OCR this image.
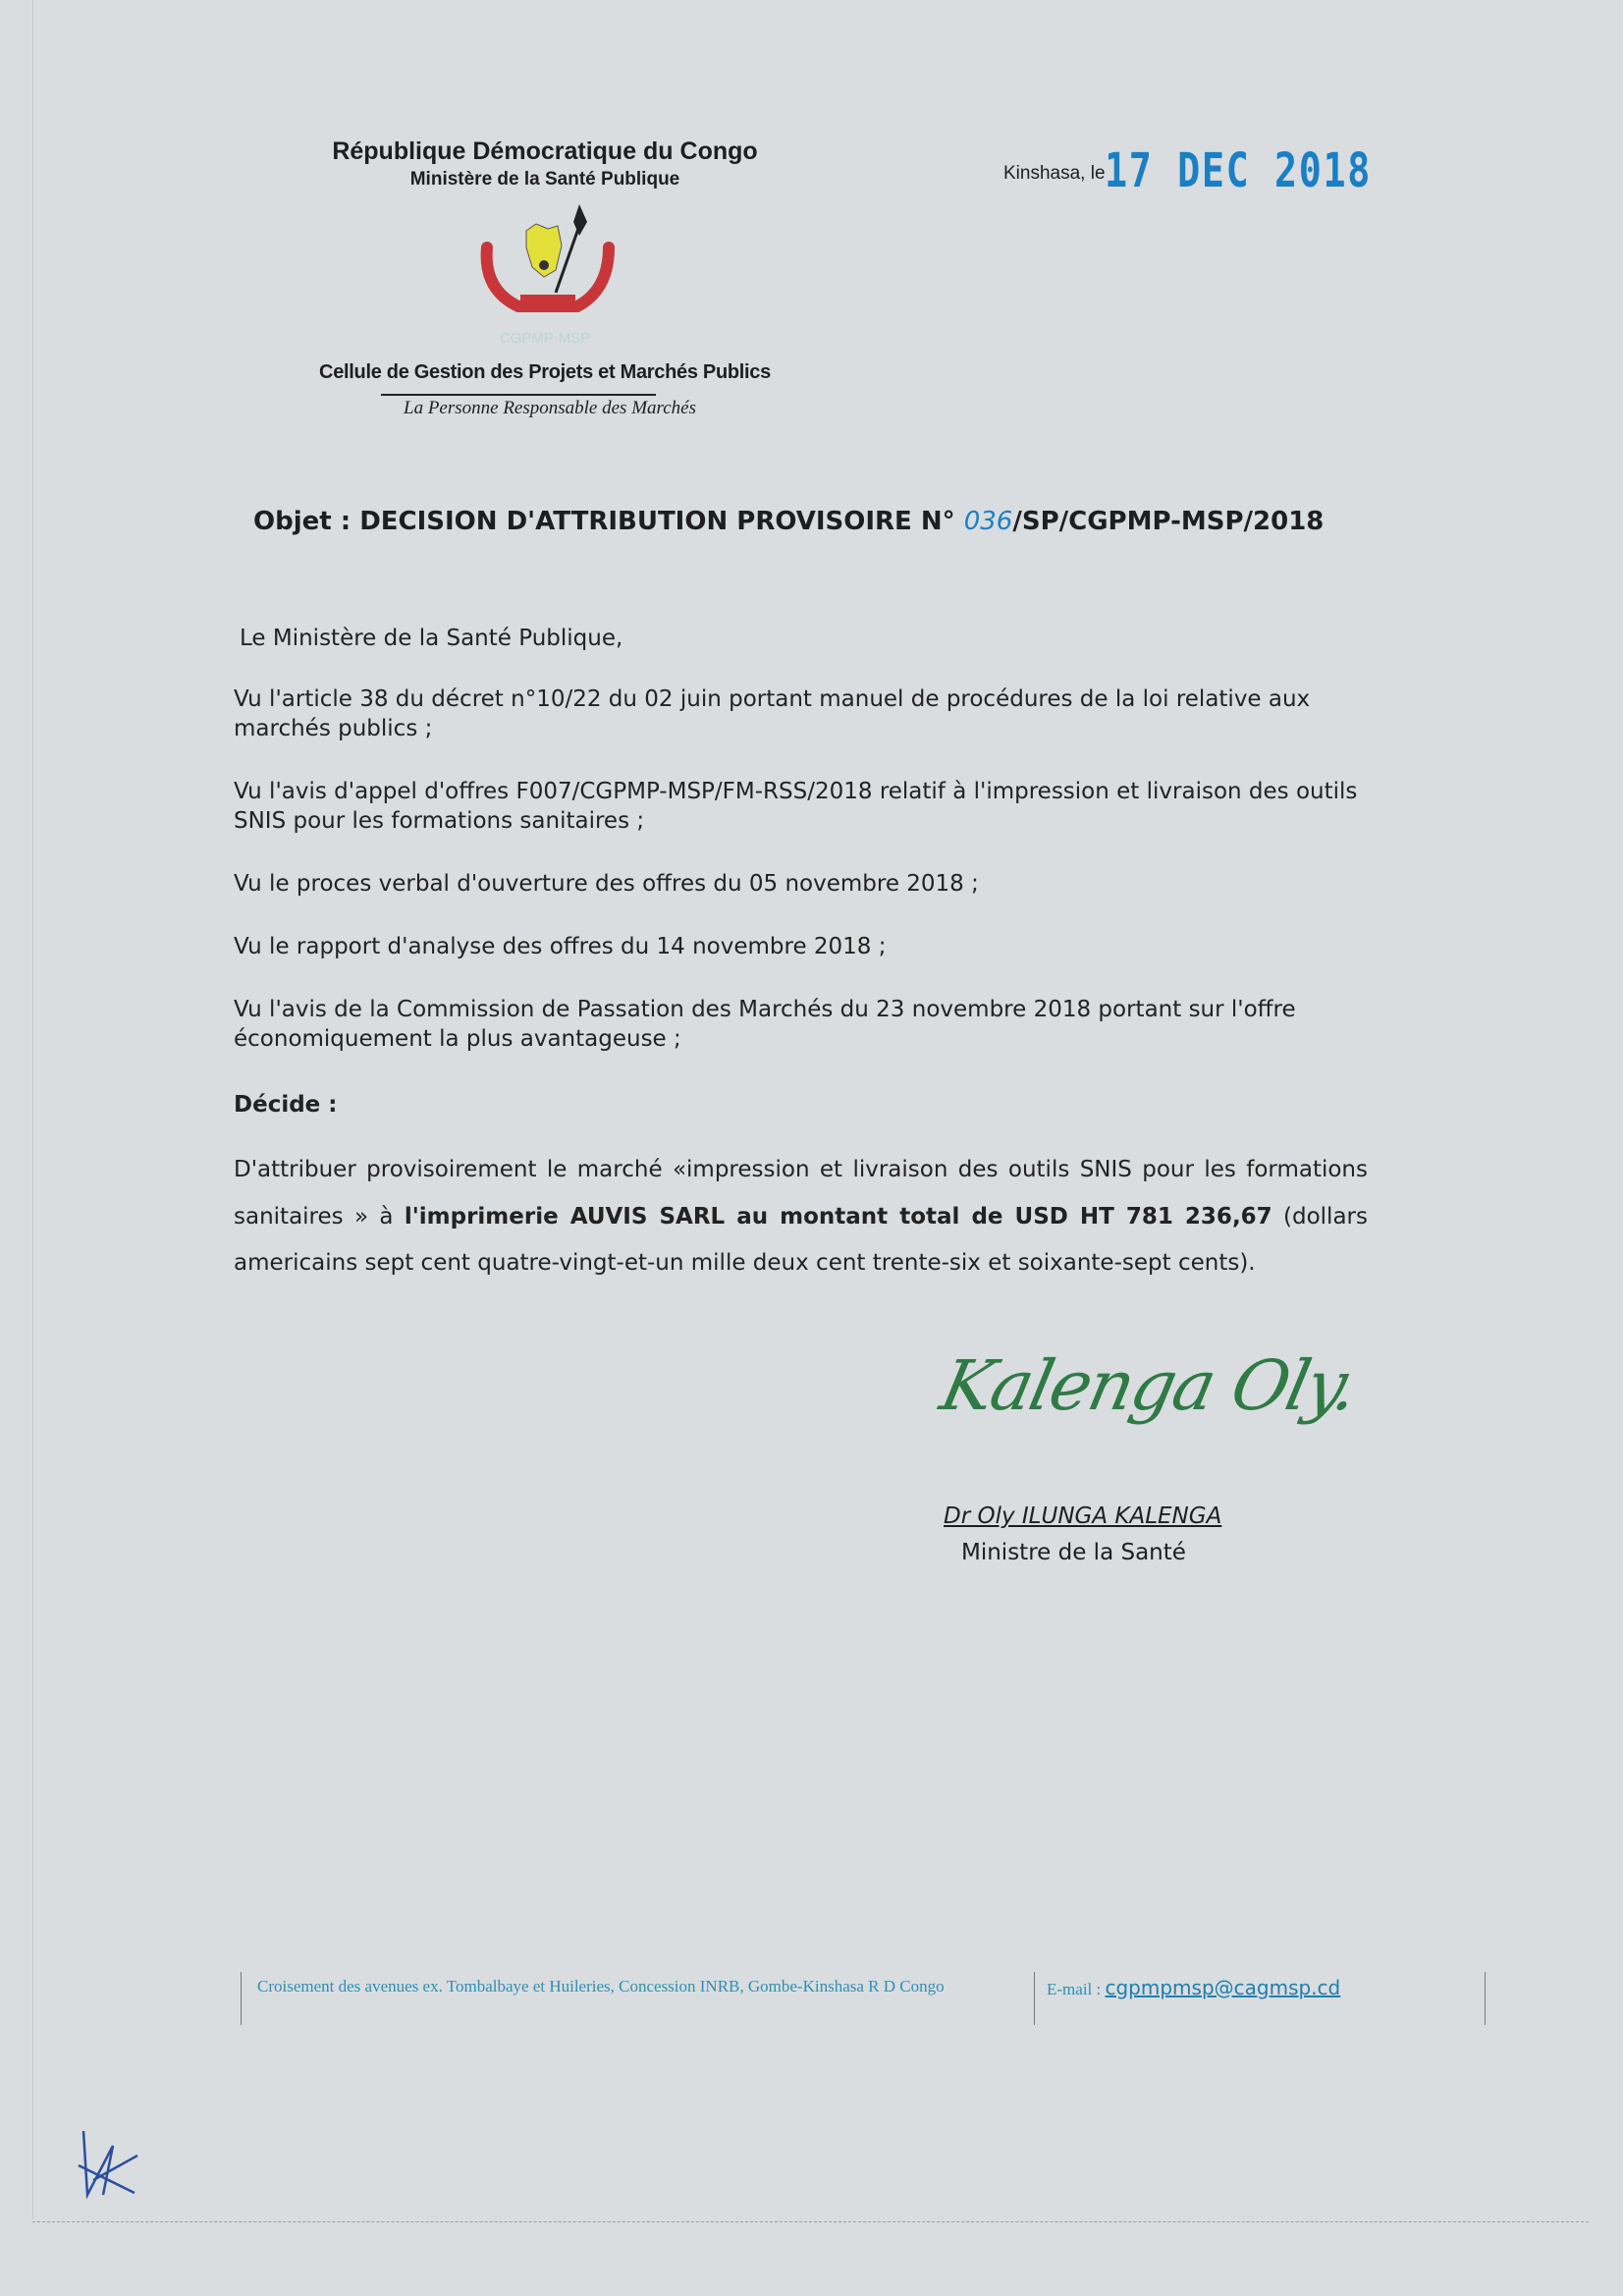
République Démocratique du Congo
Ministère de la Santé Publique
CGPMP-MSP
Cellule de Gestion des Projets et Marchés Publics
La Personne Responsable des Marchés
Kinshasa, le 17 DEC 2018
Objet : DECISION D'ATTRIBUTION PROVISOIRE N° 036/SP/CGPMP-MSP/2018
Le Ministère de la Santé Publique,
Vu l'article 38 du décret n°10/22 du 02 juin portant manuel de procédures de la loi relative aux marchés publics ;
Vu l'avis d'appel d'offres F007/CGPMP-MSP/FM-RSS/2018 relatif à l'impression et livraison des outils SNIS pour les formations sanitaires ;
Vu le proces verbal d'ouverture des offres du 05 novembre 2018 ;
Vu le rapport d'analyse des offres du 14 novembre 2018 ;
Vu l'avis de la Commission de Passation des Marchés du 23 novembre 2018 portant sur l'offre économiquement la plus avantageuse ;
Décide :
D'attribuer provisoirement le marché «impression et livraison des outils SNIS pour les formations sanitaires » à l'imprimerie AUVIS SARL au montant total de USD HT 781 236,67 (dollars americains sept cent quatre-vingt-et-un mille deux cent trente-six et soixante-sept cents).
Kalenga Oly.
Dr Oly ILUNGA KALENGA
Ministre de la Santé
Croisement des avenues ex. Tombalbaye et Huileries, Concession INRB, Gombe-Kinshasa R D Congo	E-mail : cgpmpmsp@cagmsp.cd
